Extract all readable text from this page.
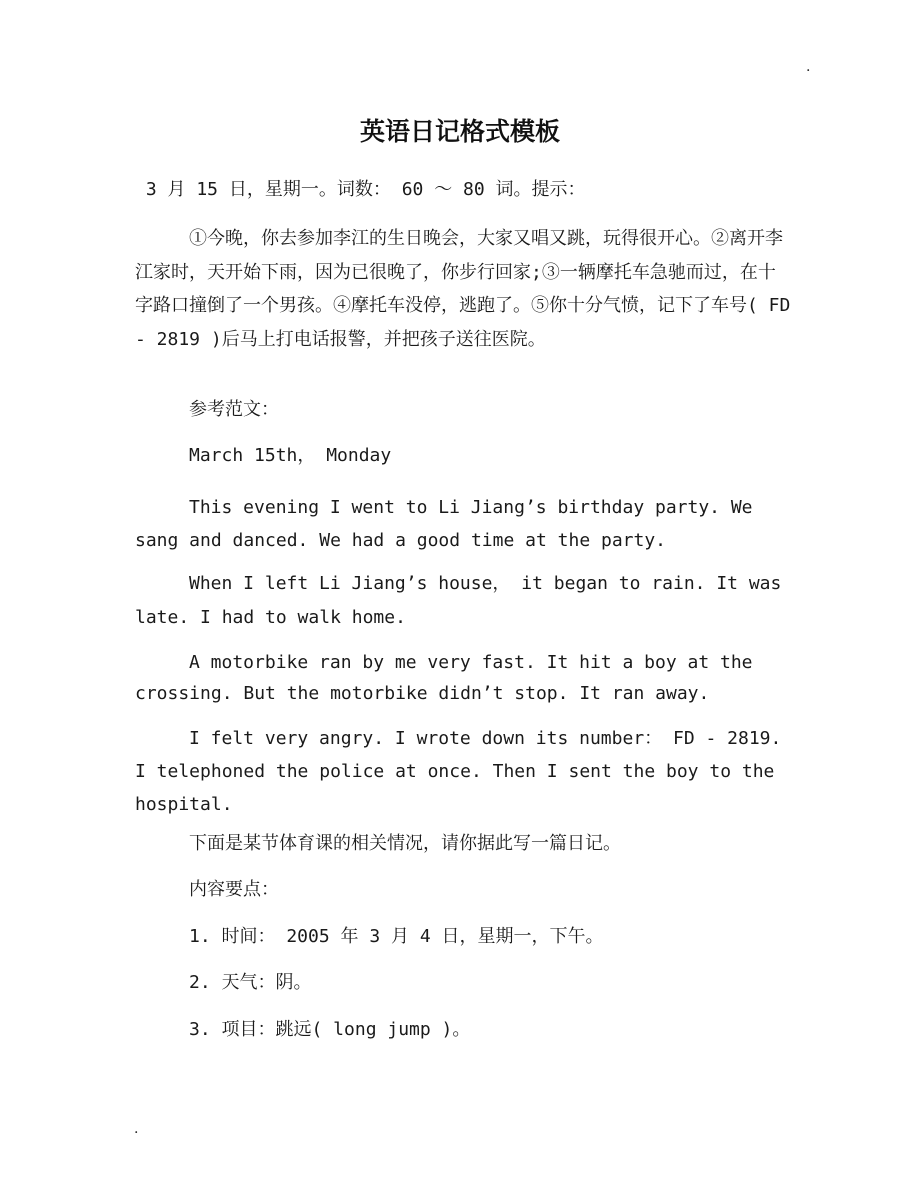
.
英语日记格式模板
3 月 15 日，星期一。词数： 60 ～ 80 词。提示：
①今晚，你去参加李江的生日晚会，大家又唱又跳，玩得很开心。②离开李江家时，天开始下雨，因为已很晚了，你步行回家;③一辆摩托车急驰而过，在十字路口撞倒了一个男孩。④摩托车没停，逃跑了。⑤你十分气愤，记下了车号( FD - 2819 )后马上打电话报警，并把孩子送往医院。
参考范文：
March 15th， Monday
This evening I went to Li Jiang’s birthday party. We sang and danced. We had a good time at the party.
When I left Li Jiang’s house， it began to rain. It was late. I had to walk home.
A motorbike ran by me very fast. It hit a boy at the crossing. But the motorbike didn’t stop. It ran away.
I felt very angry. I wrote down its number： FD - 2819. I telephoned the police at once. Then I sent the boy to the hospital.
下面是某节体育课的相关情况，请你据此写一篇日记。
内容要点：
1. 时间： 2005 年 3 月 4 日，星期一，下午。
2. 天气：阴。
3. 项目：跳远( long jump )。
.
